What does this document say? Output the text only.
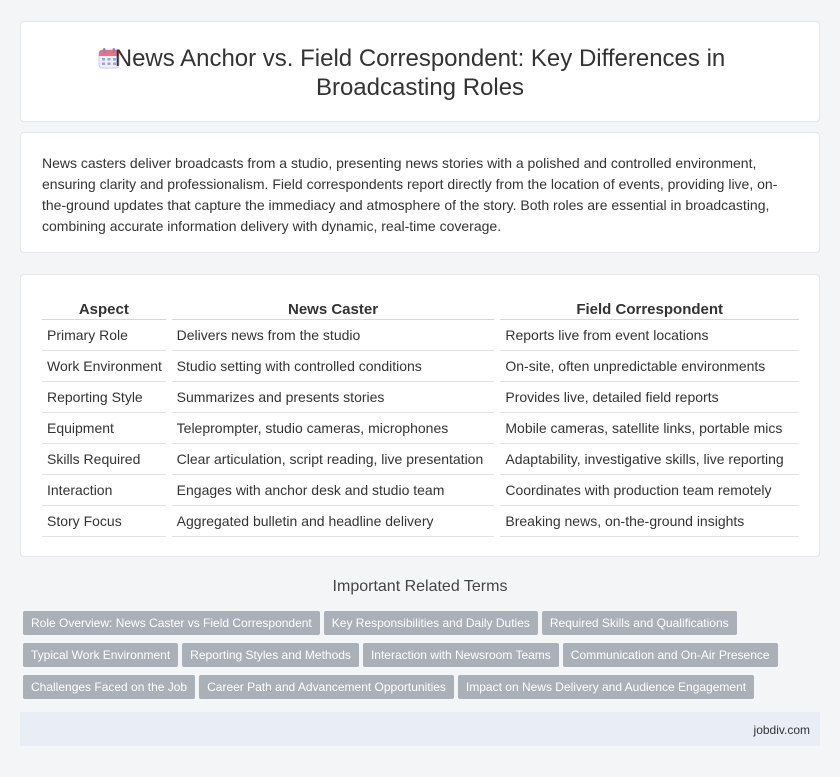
News Anchor vs. Field Correspondent: Key Differences in
Broadcasting Roles

News casters deliver broadcasts from a studio, presenting news stories with a polished and controlled environment, ensuring clarity and professionalism. Field correspondents report directly from the location of events, providing live, on-the-ground updates that capture the immediacy and atmosphere of the story. Both roles are essential in broadcasting, combining accurate information delivery with dynamic, real-time coverage.

Aspect	News Caster	Field Correspondent
Primary Role	Delivers news from the studio	Reports live from event locations
Work Environment	Studio setting with controlled conditions	On-site, often unpredictable environments
Reporting Style	Summarizes and presents stories	Provides live, detailed field reports
Equipment	Teleprompter, studio cameras, microphones	Mobile cameras, satellite links, portable mics
Skills Required	Clear articulation, script reading, live presentation	Adaptability, investigative skills, live reporting
Interaction	Engages with anchor desk and studio team	Coordinates with production team remotely
Story Focus	Aggregated bulletin and headline delivery	Breaking news, on-the-ground insights
Important Related Terms
Role Overview: News Caster vs Field Correspondent Key Responsibilities and Daily Duties Required Skills and Qualifications
Typical Work Environment Reporting Styles and Methods Interaction with Newsroom Teams Communication and On-Air Presence
Challenges Faced on the Job Career Path and Advancement Opportunities Impact on News Delivery and Audience Engagement
jobdiv.com
